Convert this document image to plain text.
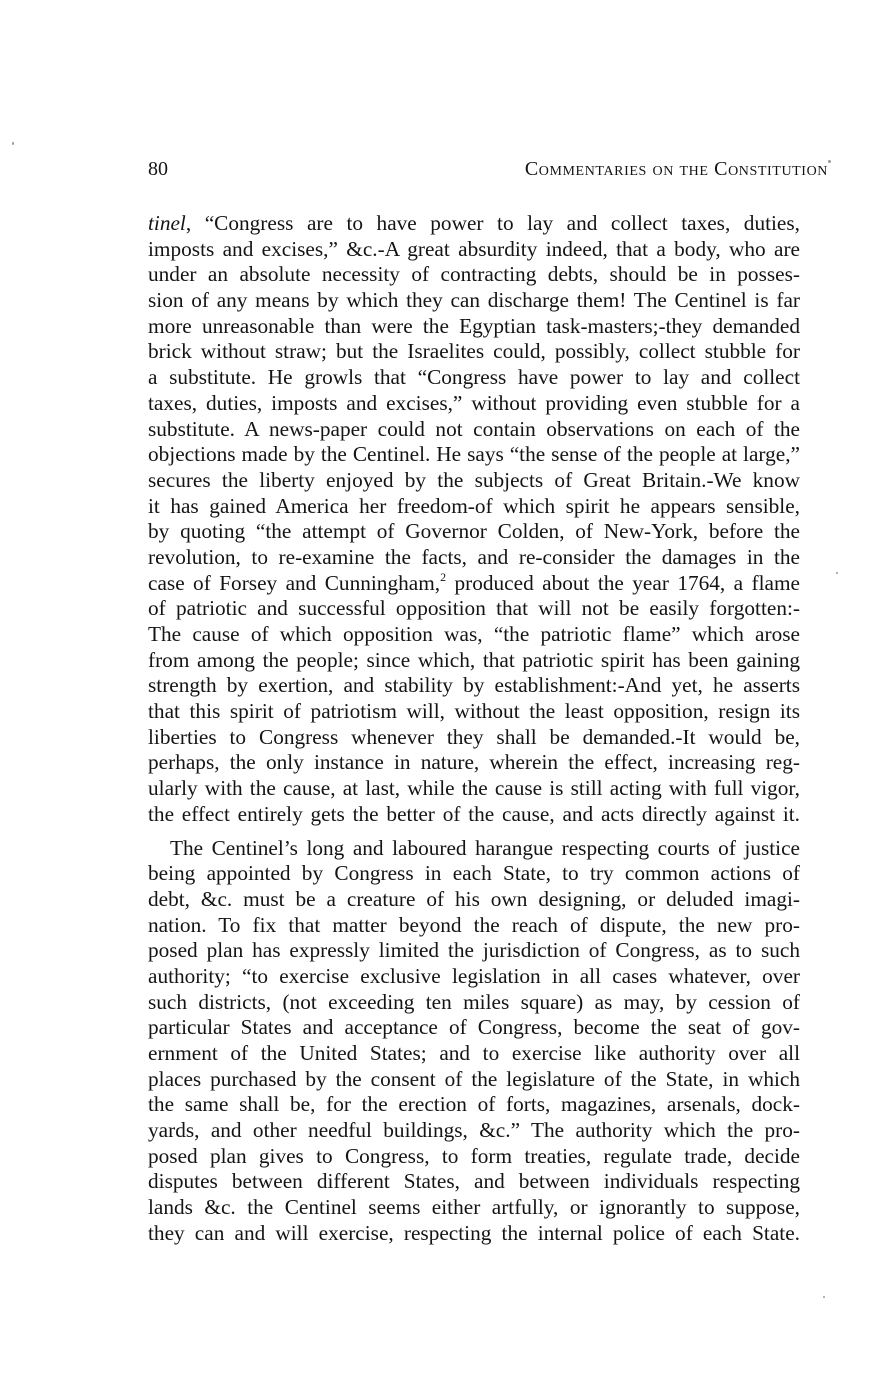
80	Commentaries on the Constitution
tinel, “Congress are to have power to lay and collect taxes, duties,
imposts and excises,” &c.-A great absurdity indeed, that a body, who are
under an absolute necessity of contracting debts, should be in posses-
sion of any means by which they can discharge them! The Centinel is far
more unreasonable than were the Egyptian task-masters;-they demanded
brick without straw; but the Israelites could, possibly, collect stubble for
a substitute. He growls that “Congress have power to lay and collect
taxes, duties, imposts and excises,” without providing even stubble for a
substitute. A news-paper could not contain observations on each of the
objections made by the Centinel. He says “the sense of the people at large,”
secures the liberty enjoyed by the subjects of Great Britain.-We know
it has gained America her freedom-of which spirit he appears sensible,
by quoting “the attempt of Governor Colden, of New-York, before the
revolution, to re-examine the facts, and re-consider the damages in the
case of Forsey and Cunningham,$^2$ produced about the year 1764, a flame
of patriotic and successful opposition that will not be easily forgotten:-
The cause of which opposition was, “the patriotic flame” which arose
from among the people; since which, that patriotic spirit has been gaining
strength by exertion, and stability by establishment:-And yet, he asserts
that this spirit of patriotism will, without the least opposition, resign its
liberties to Congress whenever they shall be demanded.-It would be,
perhaps, the only instance in nature, wherein the effect, increasing reg-
ularly with the cause, at last, while the cause is still acting with full vigor,
the effect entirely gets the better of the cause, and acts directly against it.
The Centinel’s long and laboured harangue respecting courts of justice
being appointed by Congress in each State, to try common actions of
debt, &c. must be a creature of his own designing, or deluded imagi-
nation. To fix that matter beyond the reach of dispute, the new pro-
posed plan has expressly limited the jurisdiction of Congress, as to such
authority; “to exercise exclusive legislation in all cases whatever, over
such districts, (not exceeding ten miles square) as may, by cession of
particular States and acceptance of Congress, become the seat of gov-
ernment of the United States; and to exercise like authority over all
places purchased by the consent of the legislature of the State, in which
the same shall be, for the erection of forts, magazines, arsenals, dock-
yards, and other needful buildings, &c.” The authority which the pro-
posed plan gives to Congress, to form treaties, regulate trade, decide
disputes between different States, and between individuals respecting
lands &c. the Centinel seems either artfully, or ignorantly to suppose,
they can and will exercise, respecting the internal police of each State.
